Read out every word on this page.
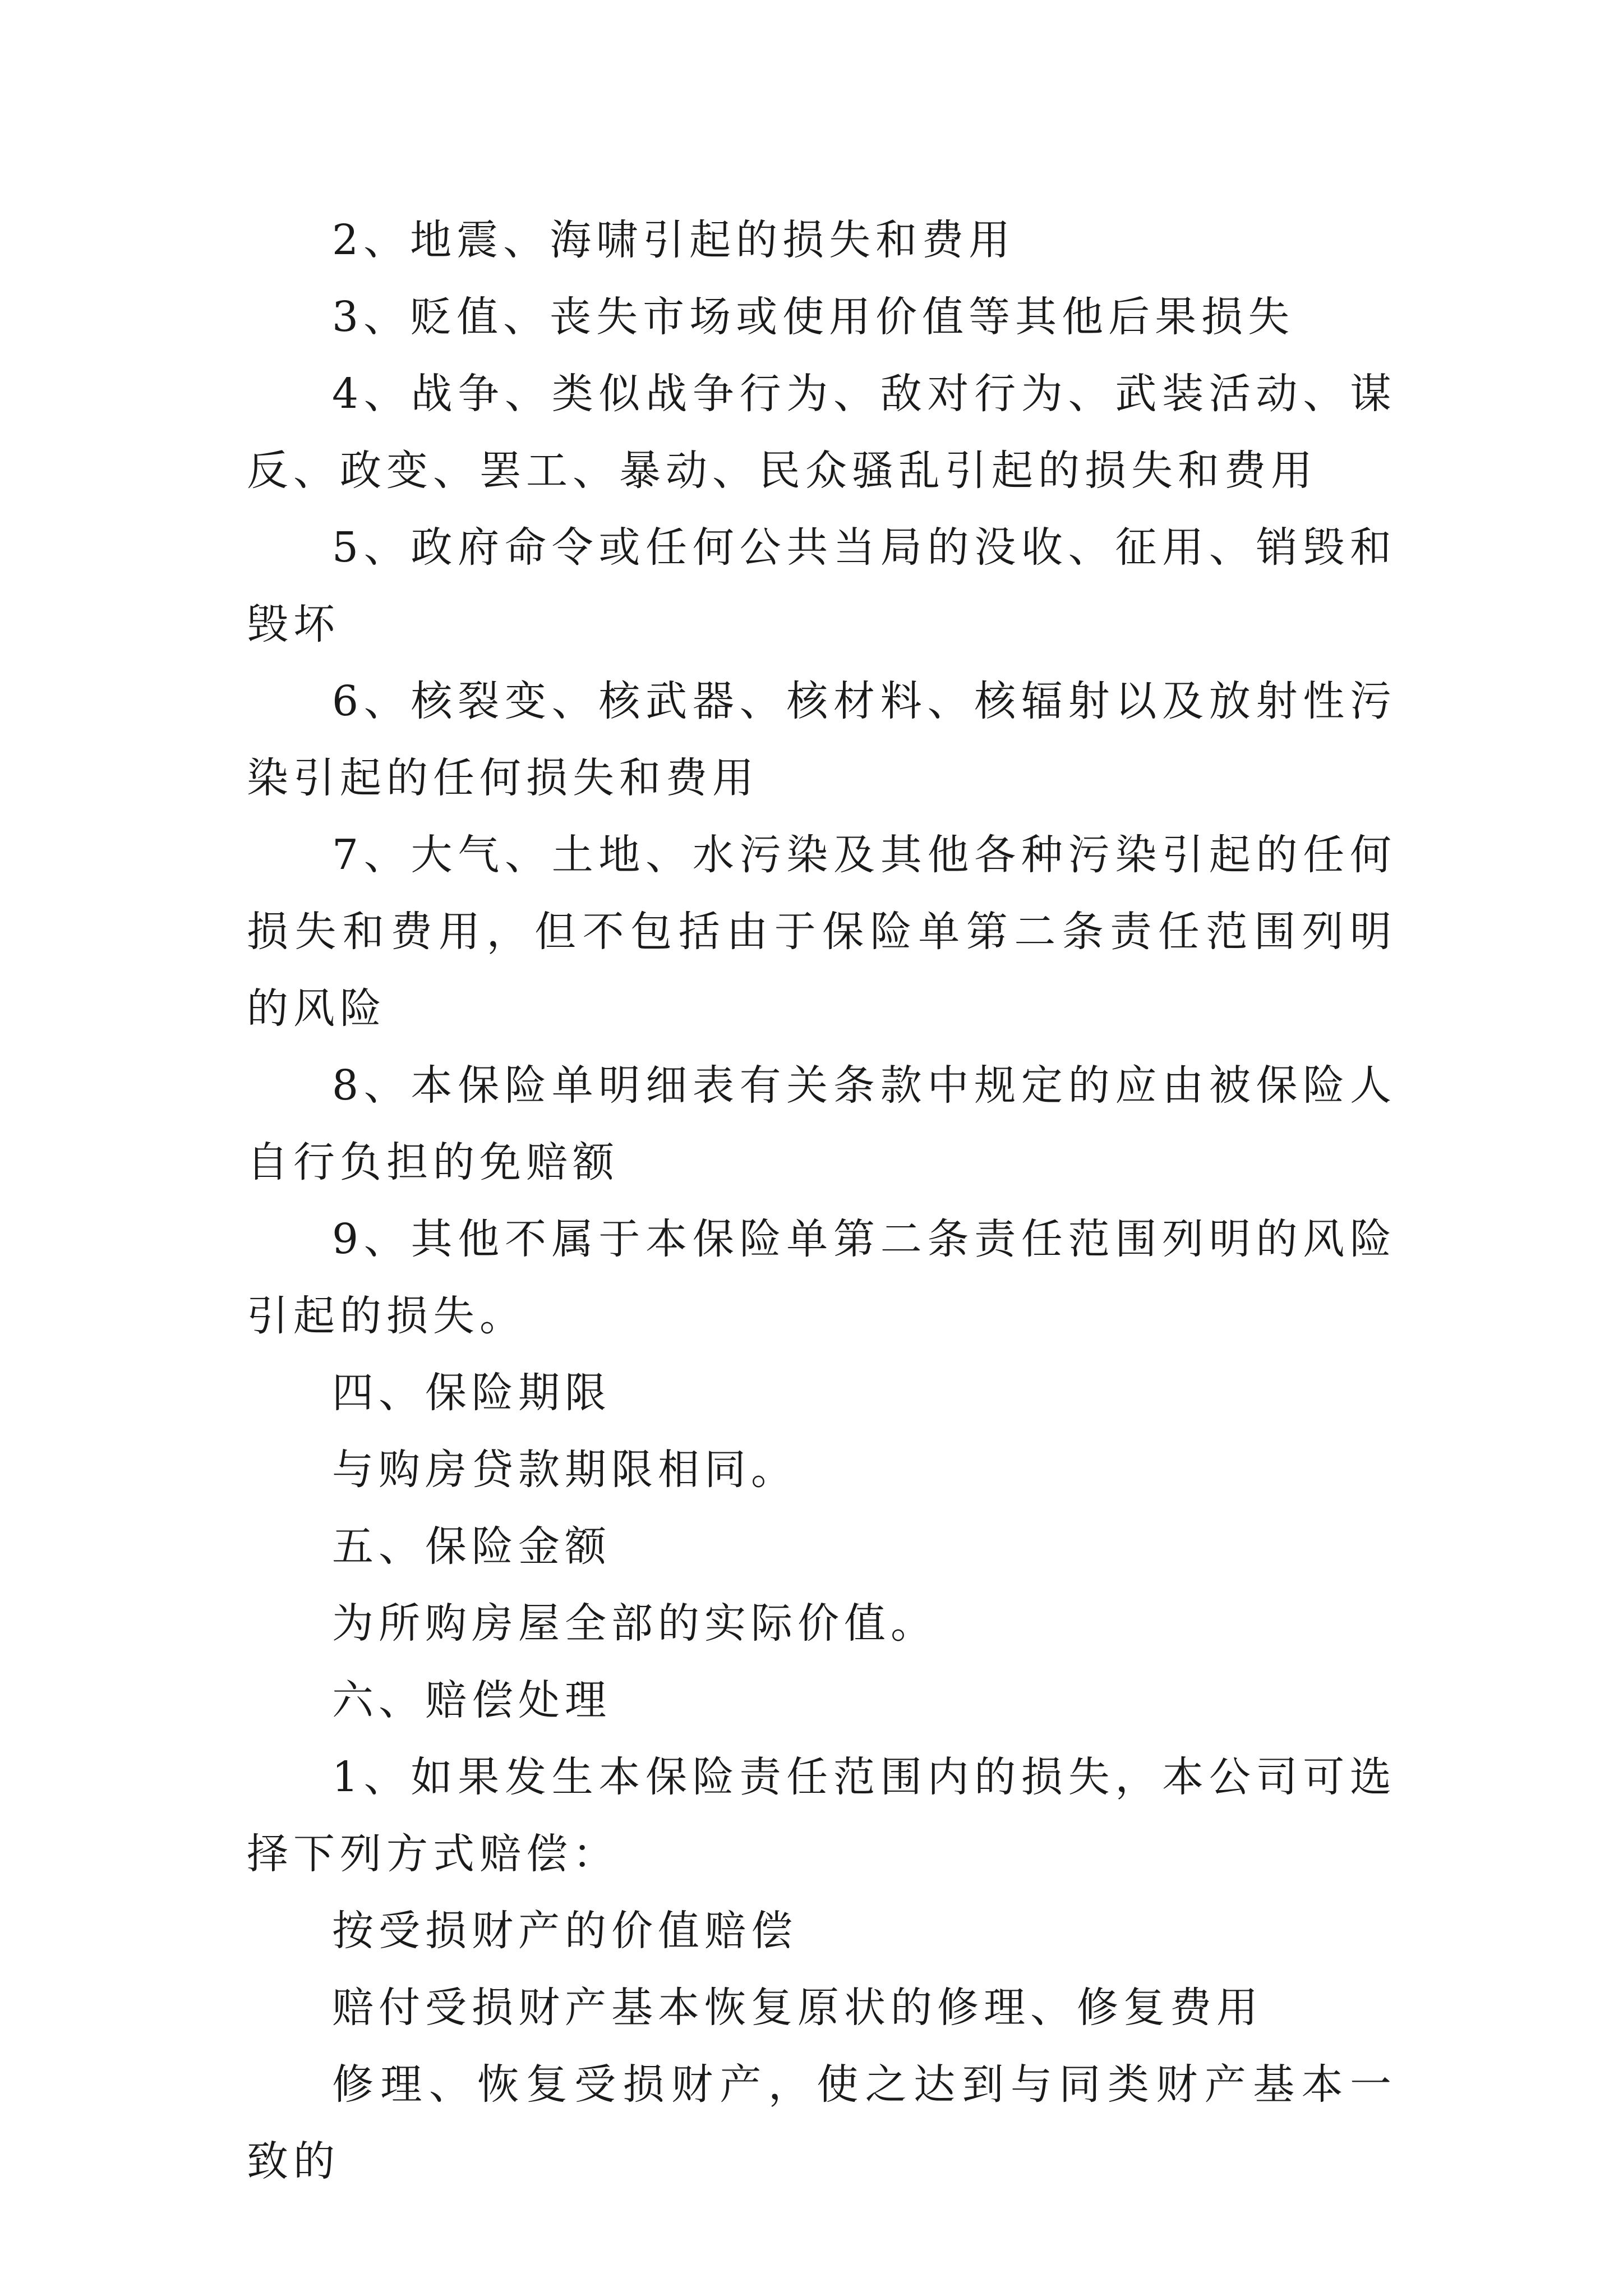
2、地震、海啸引起的损失和费用

3、贬值、丧失市场或使用价值等其他后果损失

4、战争、类似战争行为、敌对行为、武装活动、谋反、政变、罢工、暴动、民众骚乱引起的损失和费用

5、政府命令或任何公共当局的没收、征用、销毁和毁坏

6、核裂变、核武器、核材料、核辐射以及放射性污染引起的任何损失和费用

7、大气、土地、水污染及其他各种污染引起的任何损失和费用，但不包括由于保险单第二条责任范围列明的风险

8、本保险单明细表有关条款中规定的应由被保险人自行负担的免赔额

9、其他不属于本保险单第二条责任范围列明的风险引起的损失。

四、保险期限

与购房贷款期限相同。

五、保险金额

为所购房屋全部的实际价值。

六、赔偿处理

1、如果发生本保险责任范围内的损失，本公司可选择下列方式赔偿：

按受损财产的价值赔偿

赔付受损财产基本恢复原状的修理、修复费用

修理、恢复受损财产，使之达到与同类财产基本一致的
